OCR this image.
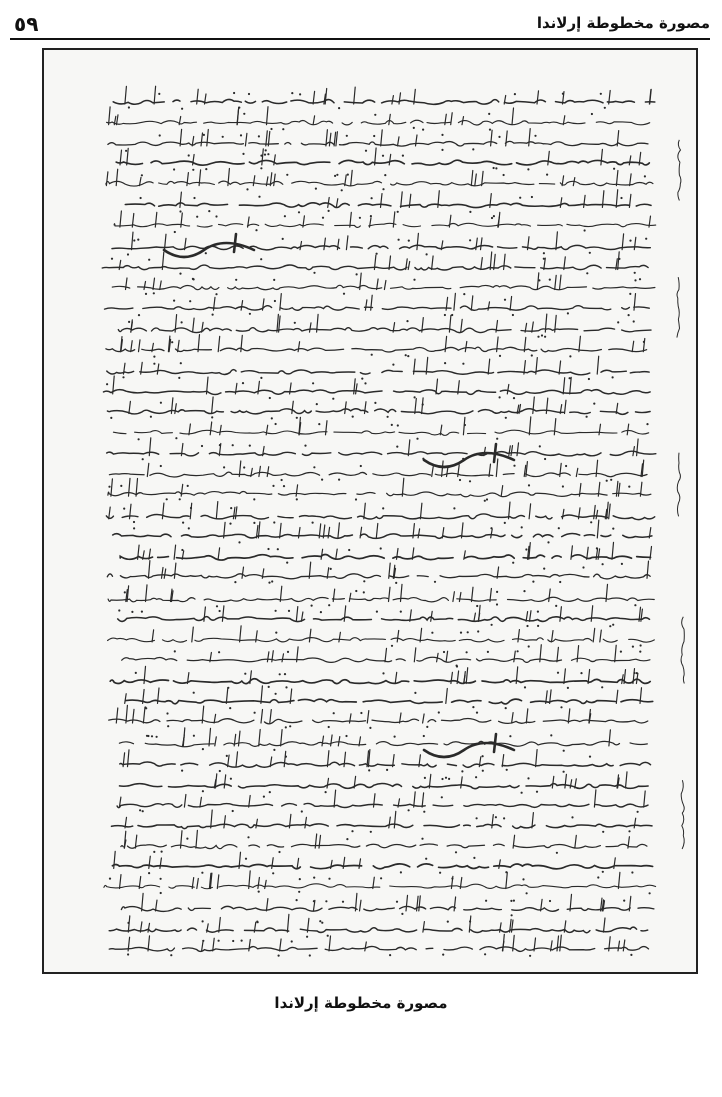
مصورة مخطوطة إرلاندا
٥٩
مصورة مخطوطة إرلاندا
